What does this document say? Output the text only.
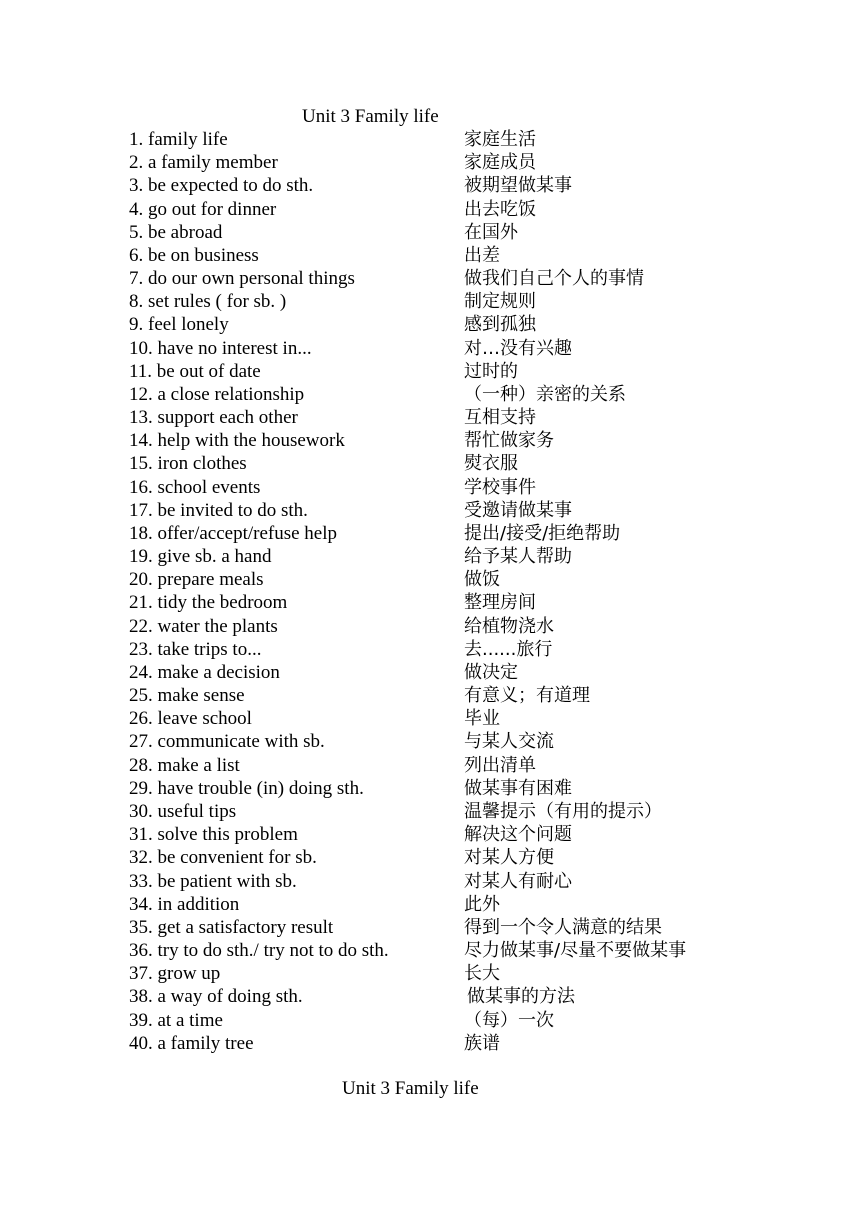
Unit 3 Family life
1. family life	家庭生活
2. a family member	家庭成员
3. be expected to do sth.	被期望做某事
4. go out for dinner	出去吃饭
5. be abroad	在国外
6. be on business	出差
7. do our own personal things	做我们自己个人的事情
8. set rules ( for sb. )	制定规则
9. feel lonely	感到孤独
10. have no interest in...	对…没有兴趣
11. be out of date	过时的
12. a close relationship	（一种）亲密的关系
13. support each other	互相支持
14. help with the housework	帮忙做家务
15. iron clothes	熨衣服
16. school events	学校事件
17. be invited to do sth.	受邀请做某事
18. offer/accept/refuse help	提出/接受/拒绝帮助
19. give sb. a hand	给予某人帮助
20. prepare meals	做饭
21. tidy the bedroom	整理房间
22. water the plants	给植物浇水
23. take trips to...	去......旅行
24. make a decision	做决定
25. make sense	有意义；有道理
26. leave school	毕业
27. communicate with sb.	与某人交流
28. make a list	列出清单
29. have trouble (in) doing sth.	做某事有困难
30. useful tips	温馨提示（有用的提示）
31. solve this problem	解决这个问题
32. be convenient for sb.	对某人方便
33. be patient with sb.	对某人有耐心
34. in addition	此外
35. get a satisfactory result	得到一个令人满意的结果
36. try to do sth./ try not to do sth.	尽力做某事/尽量不要做某事
37. grow up	长大
38. a way of doing sth.	做某事的方法
39. at a time	（每）一次
40. a family tree	族谱
Unit 3 Family life
